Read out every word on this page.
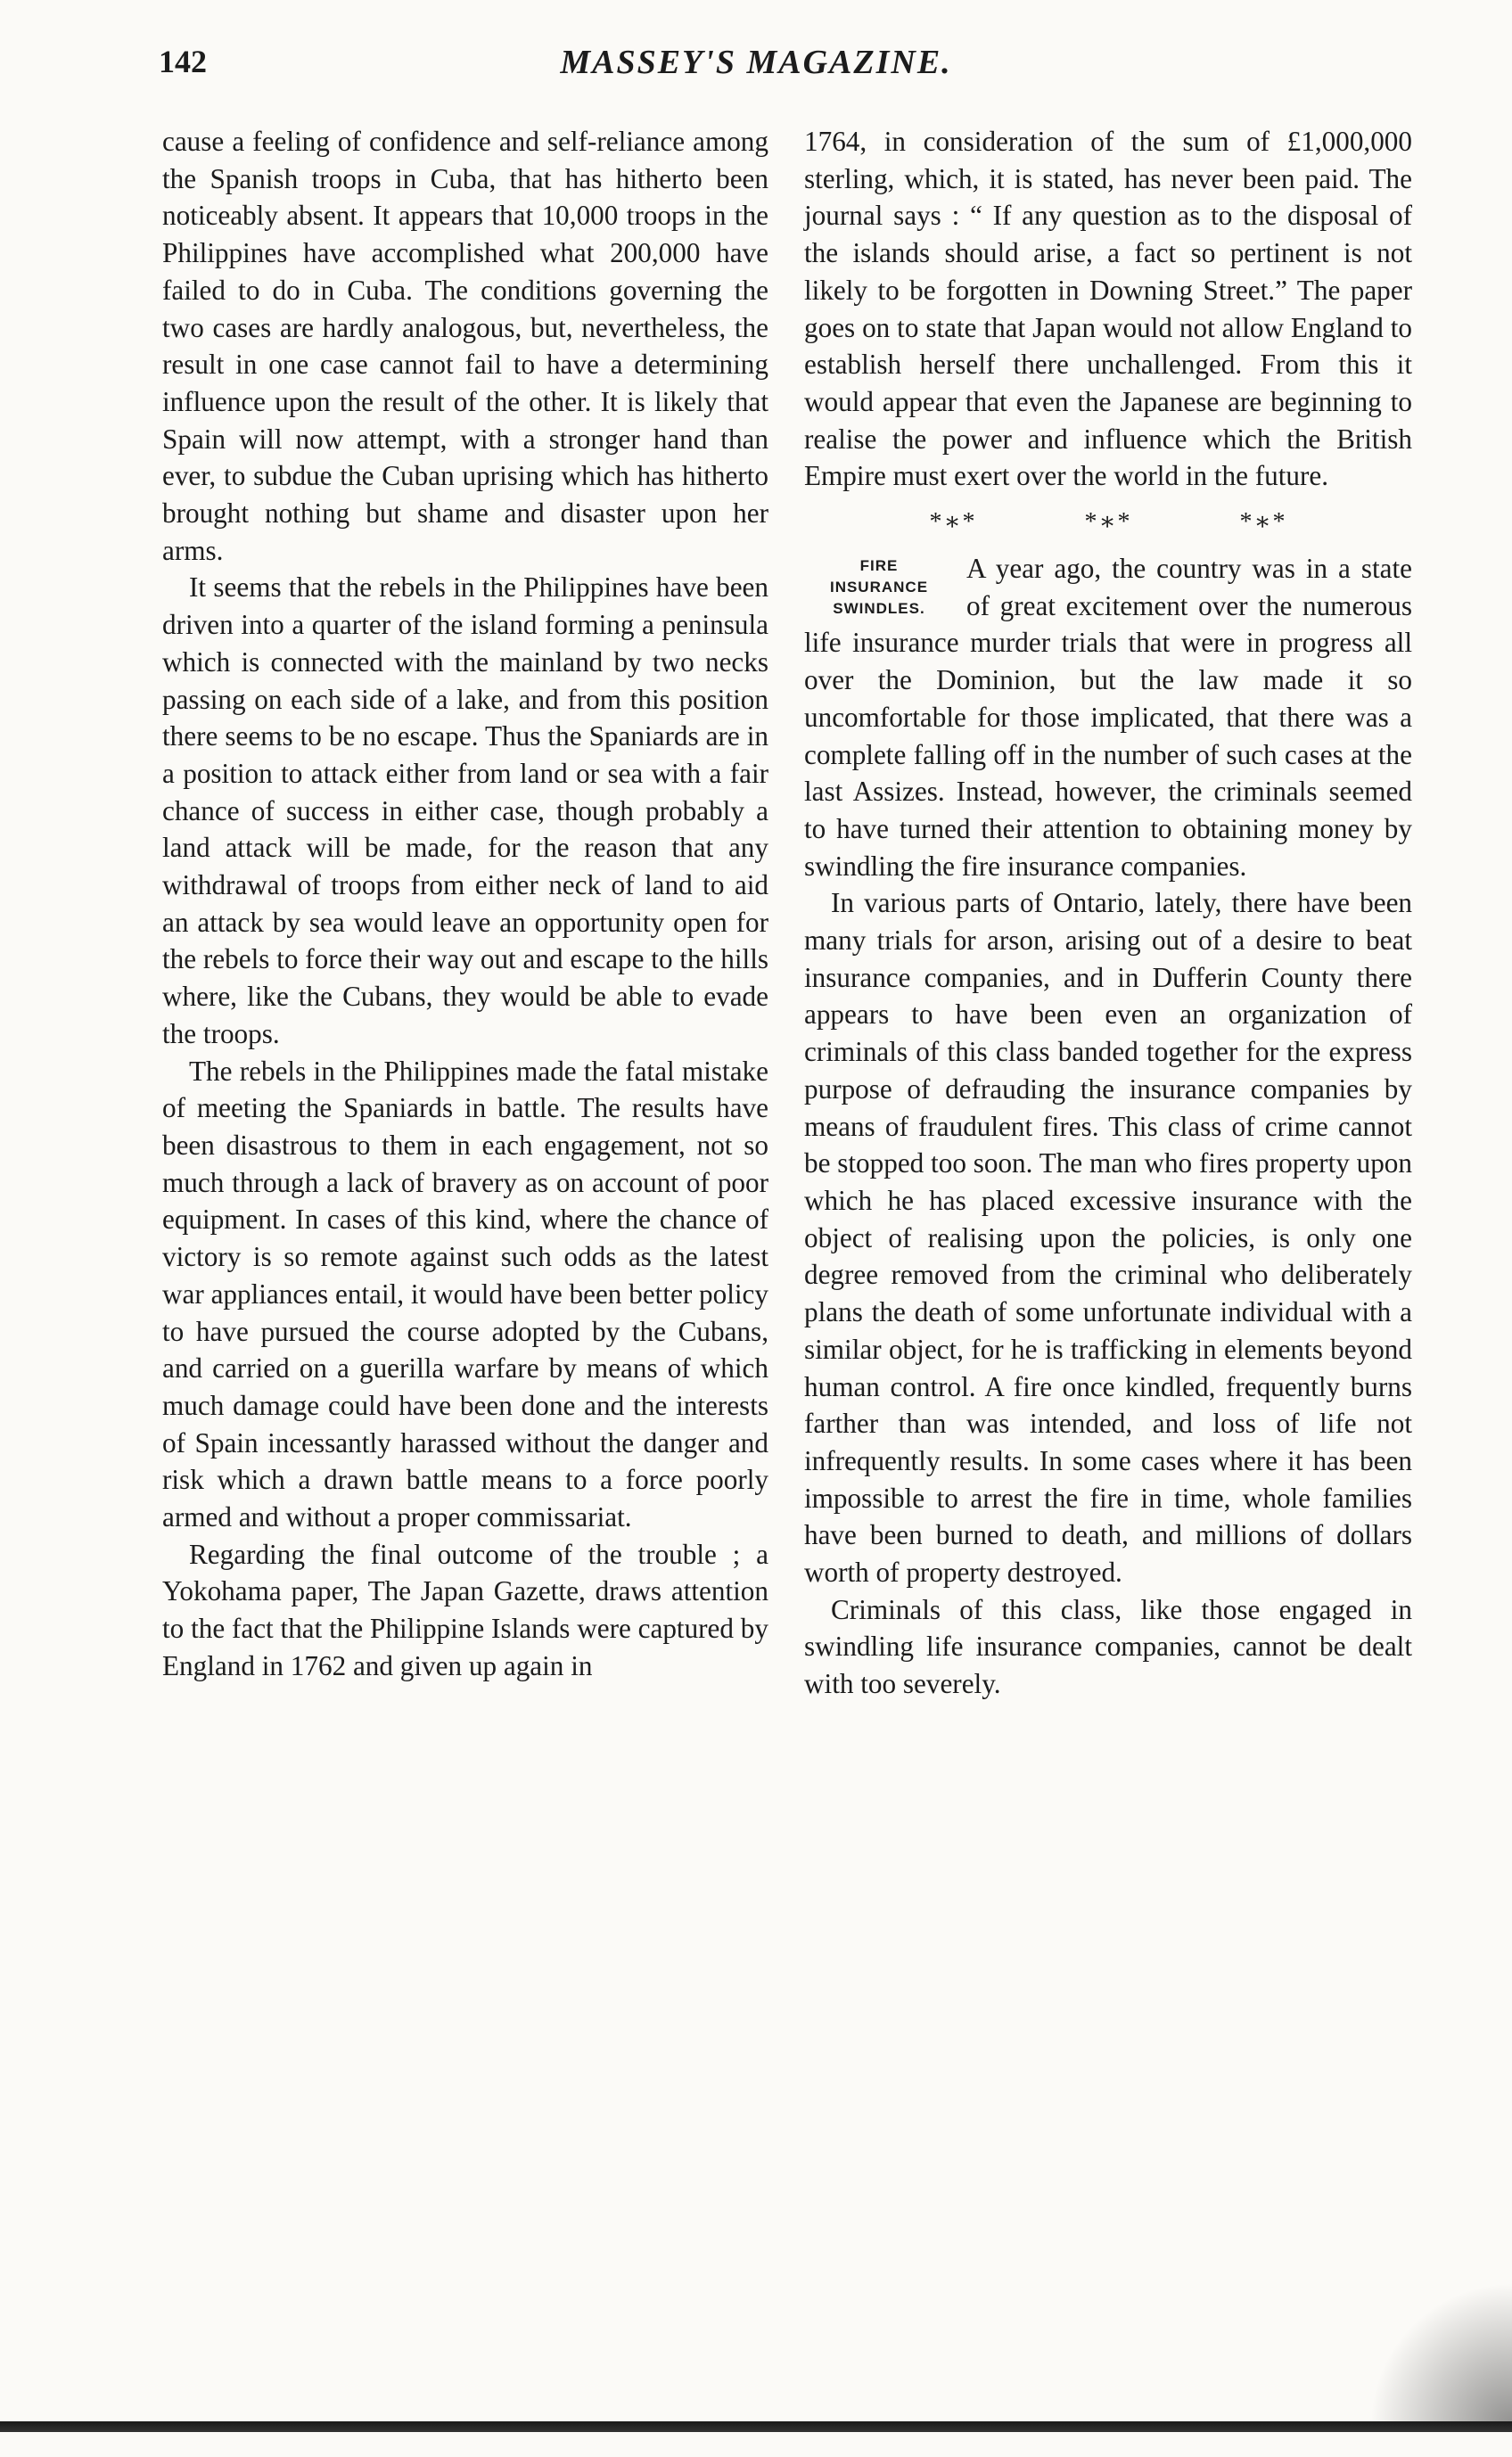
142	MASSEY'S MAGAZINE.

cause a feeling of confidence and self-reliance among the Spanish troops in Cuba, that has hitherto been noticeably absent. It appears that 10,000 troops in the Philippines have accomplished what 200,000 have failed to do in Cuba. The conditions governing the two cases are hardly analogous, but, nevertheless, the result in one case cannot fail to have a determining influence upon the result of the other. It is likely that Spain will now attempt, with a stronger hand than ever, to subdue the Cuban uprising which has hitherto brought nothing but shame and disaster upon her arms.

It seems that the rebels in the Philippines have been driven into a quarter of the island forming a peninsula which is connected with the mainland by two necks passing on each side of a lake, and from this position there seems to be no escape. Thus the Spaniards are in a position to attack either from land or sea with a fair chance of success in either case, though probably a land attack will be made, for the reason that any withdrawal of troops from either neck of land to aid an attack by sea would leave an opportunity open for the rebels to force their way out and escape to the hills where, like the Cubans, they would be able to evade the troops.

The rebels in the Philippines made the fatal mistake of meeting the Spaniards in battle. The results have been disastrous to them in each engagement, not so much through a lack of bravery as on account of poor equipment. In cases of this kind, where the chance of victory is so remote against such odds as the latest war appliances entail, it would have been better policy to have pursued the course adopted by the Cubans, and carried on a guerilla warfare by means of which much damage could have been done and the interests of Spain incessantly harassed without the danger and risk which a drawn battle means to a force poorly armed and without a proper commissariat.

Regarding the final outcome of the trouble ; a Yokohama paper, The Japan Gazette, draws attention to the fact that the Philippine Islands were captured by England in 1762 and given up again in

1764, in consideration of the sum of £1,000,000 sterling, which, it is stated, has never been paid. The journal says : “ If any question as to the disposal of the islands should arise, a fact so pertinent is not likely to be forgotten in Downing Street.” The paper goes on to state that Japan would not allow England to establish herself there unchallenged. From this it would appear that even the Japanese are beginning to realise the power and influence which the British Empire must exert over the world in the future.

*∗*	*∗*	*∗*
FIRE
INSURANCE
SWINDLES.

A year ago, the country was in a state of great excitement over the numerous life insurance murder trials that were in progress all over the Dominion, but the law made it so uncomfortable for those implicated, that there was a complete falling off in the number of such cases at the last Assizes. Instead, however, the criminals seemed to have turned their attention to obtaining money by swindling the fire insurance companies.

In various parts of Ontario, lately, there have been many trials for arson, arising out of a desire to beat insurance companies, and in Dufferin County there appears to have been even an organization of criminals of this class banded together for the express purpose of defrauding the insurance companies by means of fraudulent fires. This class of crime cannot be stopped too soon. The man who fires property upon which he has placed excessive insurance with the object of realising upon the policies, is only one degree removed from the criminal who deliberately plans the death of some unfortunate individual with a similar object, for he is trafficking in elements beyond human control. A fire once kindled, frequently burns farther than was intended, and loss of life not infrequently results. In some cases where it has been impossible to arrest the fire in time, whole families have been burned to death, and millions of dollars worth of property destroyed.

Criminals of this class, like those engaged in swindling life insurance companies, cannot be dealt with too severely.
